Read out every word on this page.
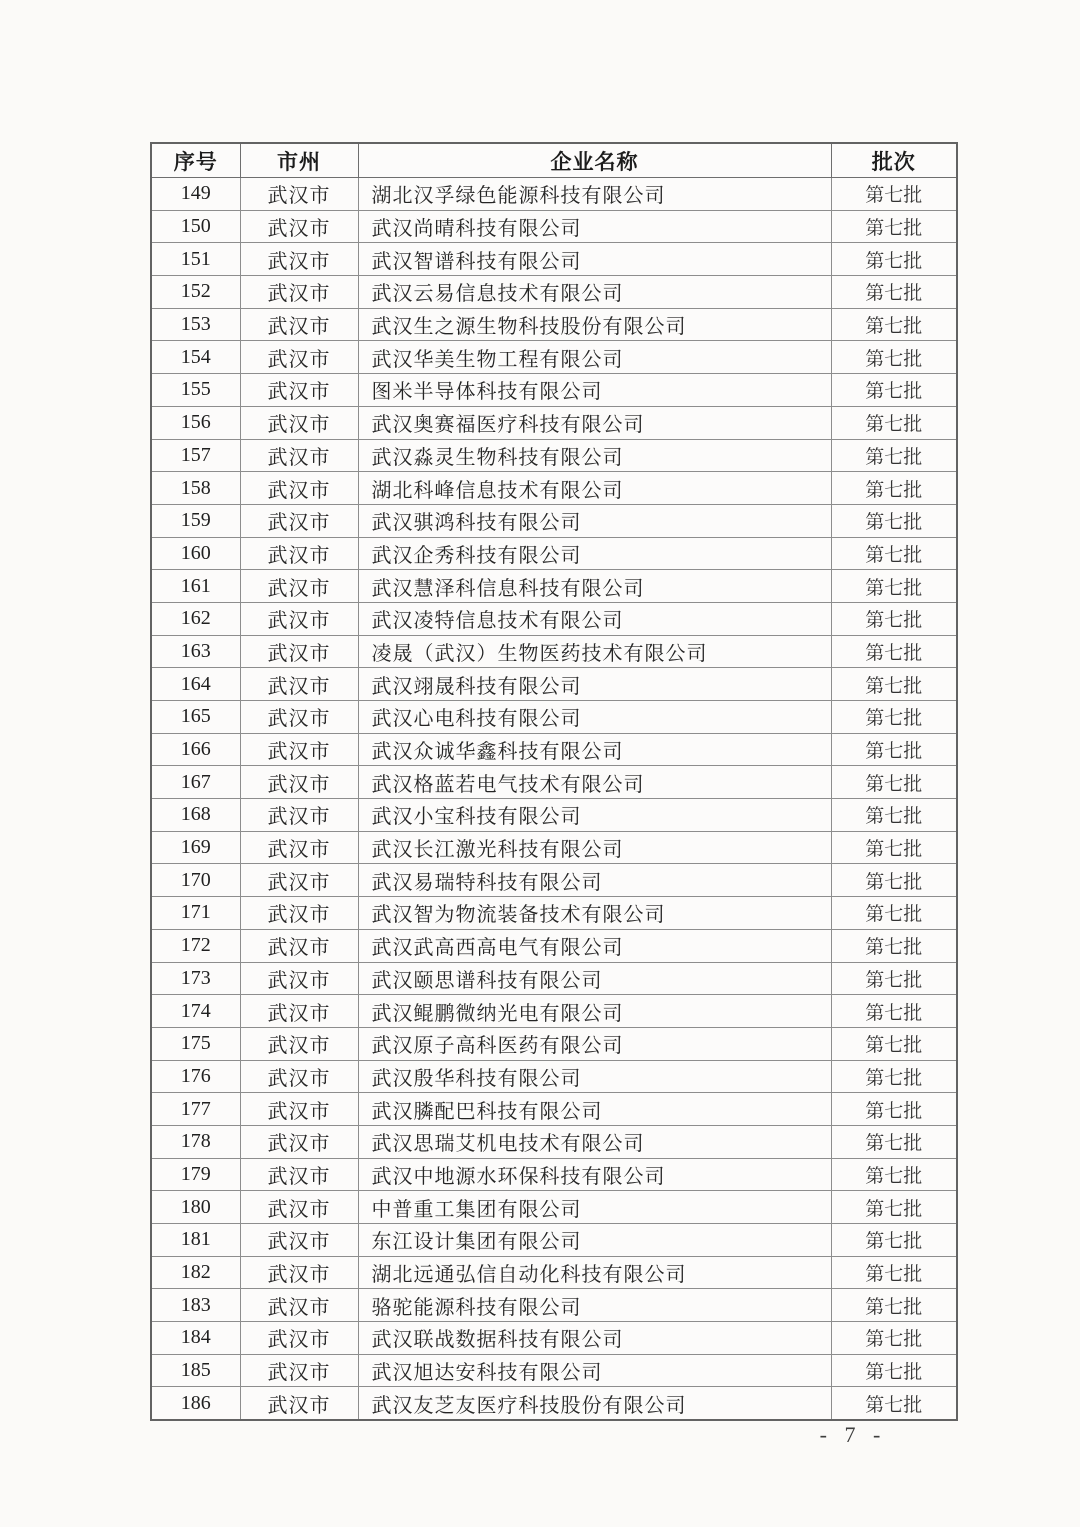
序号	市州	企业名称	批次
149	武汉市	湖北汉孚绿色能源科技有限公司	第七批
150	武汉市	武汉尚晴科技有限公司	第七批
151	武汉市	武汉智谱科技有限公司	第七批
152	武汉市	武汉云易信息技术有限公司	第七批
153	武汉市	武汉生之源生物科技股份有限公司	第七批
154	武汉市	武汉华美生物工程有限公司	第七批
155	武汉市	图米半导体科技有限公司	第七批
156	武汉市	武汉奥赛福医疗科技有限公司	第七批
157	武汉市	武汉淼灵生物科技有限公司	第七批
158	武汉市	湖北科峰信息技术有限公司	第七批
159	武汉市	武汉骐鸿科技有限公司	第七批
160	武汉市	武汉企秀科技有限公司	第七批
161	武汉市	武汉慧泽科信息科技有限公司	第七批
162	武汉市	武汉凌特信息技术有限公司	第七批
163	武汉市	凌晟（武汉）生物医药技术有限公司	第七批
164	武汉市	武汉翊晟科技有限公司	第七批
165	武汉市	武汉心电科技有限公司	第七批
166	武汉市	武汉众诚华鑫科技有限公司	第七批
167	武汉市	武汉格蓝若电气技术有限公司	第七批
168	武汉市	武汉小宝科技有限公司	第七批
169	武汉市	武汉长江激光科技有限公司	第七批
170	武汉市	武汉易瑞特科技有限公司	第七批
171	武汉市	武汉智为物流装备技术有限公司	第七批
172	武汉市	武汉武高西高电气有限公司	第七批
173	武汉市	武汉颐思谱科技有限公司	第七批
174	武汉市	武汉鲲鹏微纳光电有限公司	第七批
175	武汉市	武汉原子高科医药有限公司	第七批
176	武汉市	武汉殷华科技有限公司	第七批
177	武汉市	武汉膦配巴科技有限公司	第七批
178	武汉市	武汉思瑞艾机电技术有限公司	第七批
179	武汉市	武汉中地源水环保科技有限公司	第七批
180	武汉市	中普重工集团有限公司	第七批
181	武汉市	东江设计集团有限公司	第七批
182	武汉市	湖北远通弘信自动化科技有限公司	第七批
183	武汉市	骆驼能源科技有限公司	第七批
184	武汉市	武汉联战数据科技有限公司	第七批
185	武汉市	武汉旭达安科技有限公司	第七批
186	武汉市	武汉友芝友医疗科技股份有限公司	第七批
- 7 -
